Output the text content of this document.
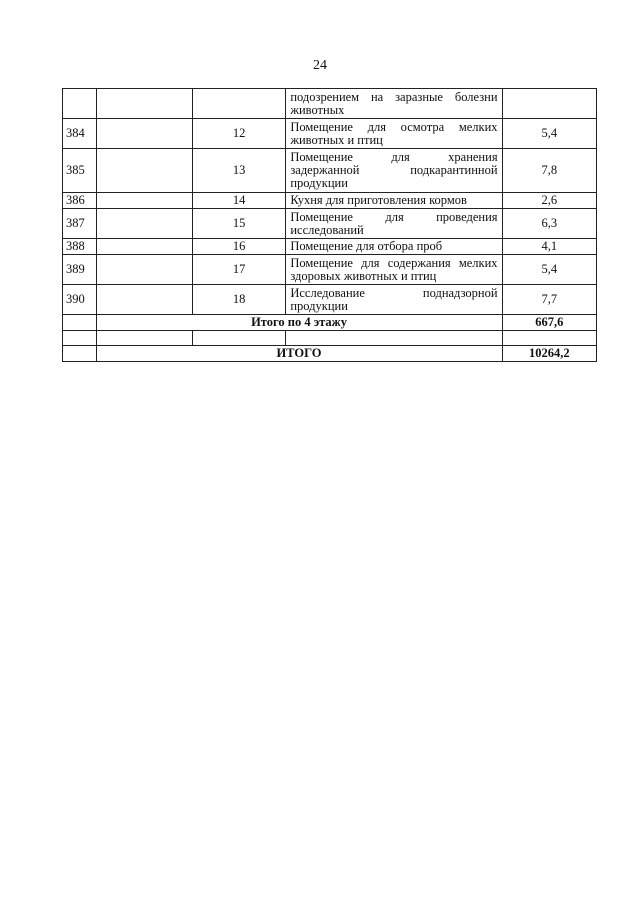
24

			подозрением на заразные болезни
животных	

384		12	Помещение для осмотра мелких
животных и птиц	5,4
385		13	Помещение для хранения
задержанной подкарантинной
продукции	7,8
386		14	Кухня для приготовления кормов	2,6
387		15	Помещение для проведения
исследований	6,3
388		16	Помещение для отбора проб	4,1
389		17	Помещение для содержания мелких
здоровых животных и птиц	5,4
390		18	Исследование поднадзорной
продукции	7,7
	Итого по 4 этажу			667,6

	ИТОГО			10264,2
